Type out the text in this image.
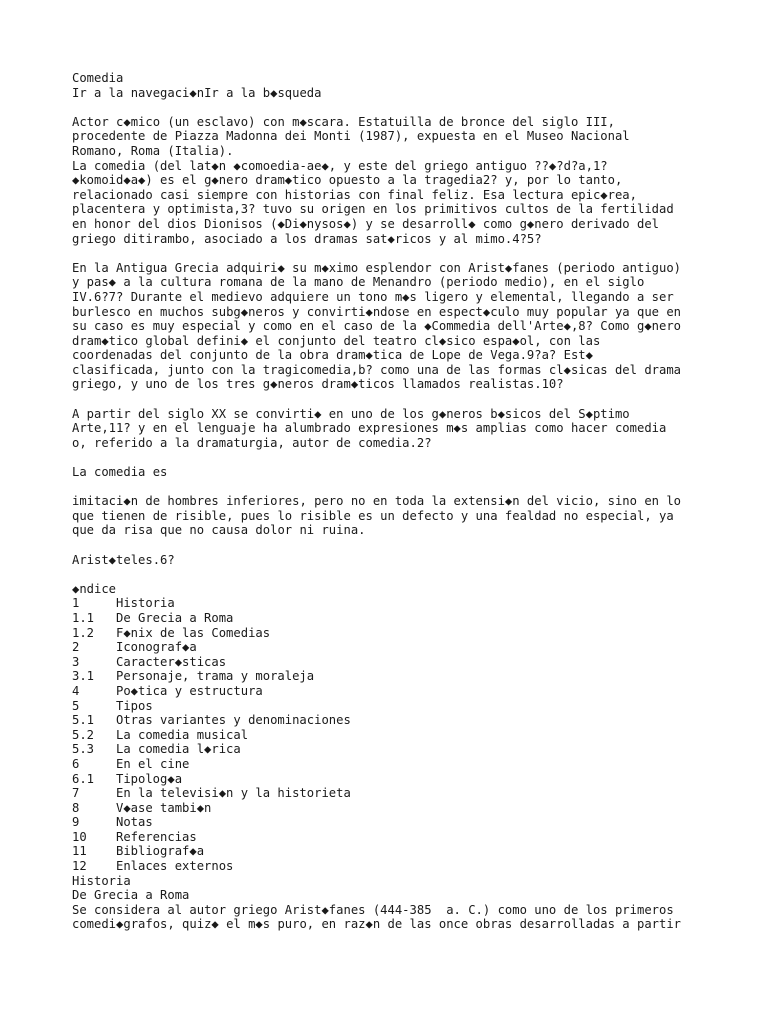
Comedia
Ir a la navegaci◆nIr a la b◆squeda
Actor c◆mico (un esclavo) con m◆scara. Estatuilla de bronce del siglo III,
procedente de Piazza Madonna dei Monti (1987), expuesta en el Museo Nacional
Romano, Roma (Italia).
La comedia (del lat◆n ◆comoedia-ae◆, y este del griego antiguo ??◆?d?a,1?
◆komoid◆a◆) es el g◆nero dram◆tico opuesto a la tragedia2? y, por lo tanto,
relacionado casi siempre con historias con final feliz. Esa lectura epic◆rea,
placentera y optimista,3? tuvo su origen en los primitivos cultos de la fertilidad
en honor del dios Dionisos (◆Di◆nysos◆) y se desarroll◆ como g◆nero derivado del
griego ditirambo, asociado a los dramas sat◆ricos y al mimo.4?5?
En la Antigua Grecia adquiri◆ su m◆ximo esplendor con Arist◆fanes (periodo antiguo)
y pas◆ a la cultura romana de la mano de Menandro (periodo medio), en el siglo
IV.6?7? Durante el medievo adquiere un tono m◆s ligero y elemental, llegando a ser
burlesco en muchos subg◆neros y convirti◆ndose en espect◆culo muy popular ya que en
su caso es muy especial y como en el caso de la ◆Commedia dell'Arte◆,8? Como g◆nero
dram◆tico global defini◆ el conjunto del teatro cl◆sico espa◆ol, con las
coordenadas del conjunto de la obra dram◆tica de Lope de Vega.9?a? Est◆
clasificada, junto con la tragicomedia,b? como una de las formas cl◆sicas del drama
griego, y uno de los tres g◆neros dram◆ticos llamados realistas.10?
A partir del siglo XX se convirti◆ en uno de los g◆neros b◆sicos del S◆ptimo
Arte,11? y en el lenguaje ha alumbrado expresiones m◆s amplias como hacer comedia
o, referido a la dramaturgia, autor de comedia.2?
La comedia es
imitaci◆n de hombres inferiores, pero no en toda la extensi◆n del vicio, sino en lo
que tienen de risible, pues lo risible es un defecto y una fealdad no especial, ya
que da risa que no causa dolor ni ruina.
Arist◆teles.6?
◆ndice
1	Historia
1.1	De Grecia a Roma
1.2	F◆nix de las Comedias
2	Iconograf◆a
3	Caracter◆sticas
3.1	Personaje, trama y moraleja
4	Po◆tica y estructura
5	Tipos
5.1	Otras variantes y denominaciones
5.2	La comedia musical
5.3	La comedia l◆rica
6	En el cine
6.1	Tipolog◆a
7	En la televisi◆n y la historieta
8	V◆ase tambi◆n
9	Notas
10	Referencias
11	Bibliograf◆a
12	Enlaces externos
Historia
De Grecia a Roma
Se considera al autor griego Arist◆fanes (444-385  a. C.) como uno de los primeros
comedi◆grafos, quiz◆ el m◆s puro, en raz◆n de las once obras desarrolladas a partir
